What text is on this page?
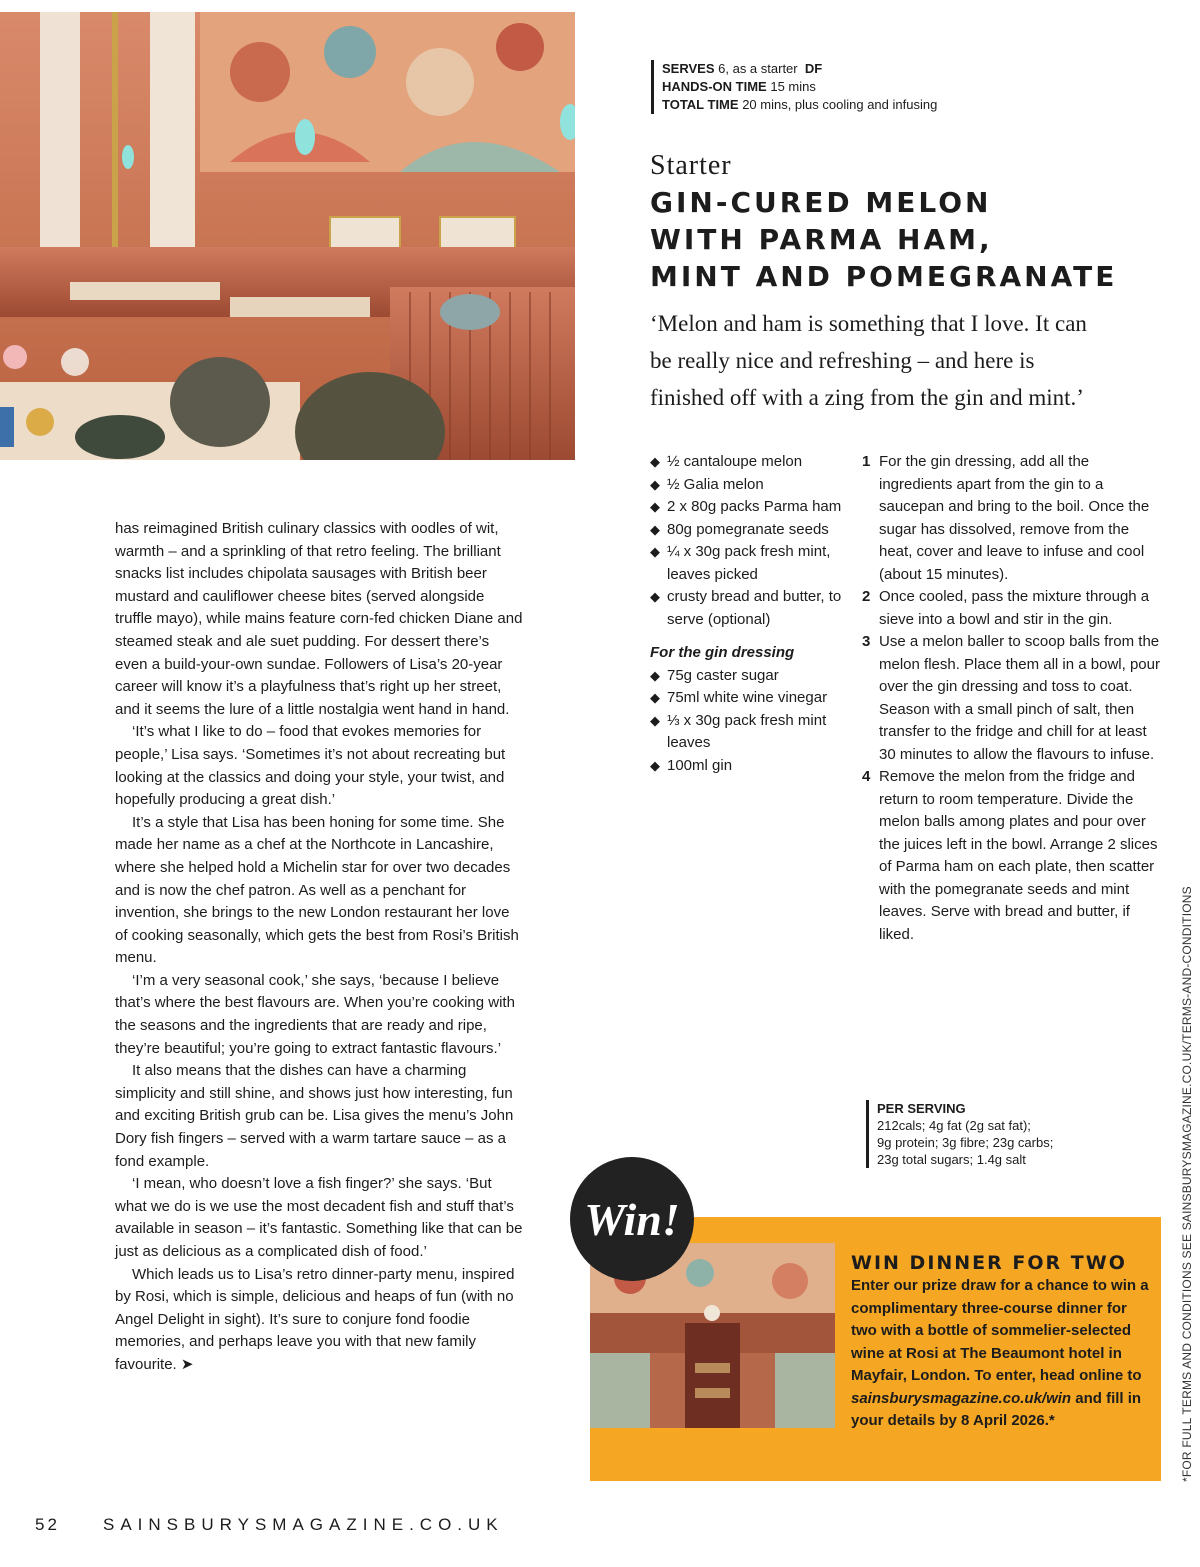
SERVES 6, as a starter DF
HANDS-ON TIME 15 mins
TOTAL TIME 20 mins, plus cooling and infusing
Starter
GIN-CURED MELON
WITH PARMA HAM,
MINT AND POMEGRANATE
‘Melon and ham is something that I love. It can
be really nice and refreshing – and here is
finished off with a zing from the gin and mint.’
◆ ½ cantaloupe melon
◆ ½ Galia melon
◆ 2 x 80g packs Parma ham
◆ 80g pomegranate seeds
◆ ¼ x 30g pack fresh mint, leaves picked
◆ crusty bread and butter, to serve (optional)
For the gin dressing
◆ 75g caster sugar
◆ 75ml white wine vinegar
◆ ⅓ x 30g pack fresh mint leaves
◆ 100ml gin
1 For the gin dressing, add all the ingredients apart from the gin to a saucepan and bring to the boil. Once the sugar has dissolved, remove from the heat, cover and leave to infuse and cool (about 15 minutes).
2 Once cooled, pass the mixture through a sieve into a bowl and stir in the gin.
3 Use a melon baller to scoop balls from the melon flesh. Place them all in a bowl, pour over the gin dressing and toss to coat. Season with a small pinch of salt, then transfer to the fridge and chill for at least 30 minutes to allow the flavours to infuse.
4 Remove the melon from the fridge and return to room temperature. Divide the melon balls among plates and pour over the juices left in the bowl. Arrange 2 slices of Parma ham on each plate, then scatter with the pomegranate seeds and mint leaves. Serve with bread and butter, if liked.
PER SERVING
212cals; 4g fat (2g sat fat);
9g protein; 3g fibre; 23g carbs;
23g total sugars; 1.4g salt

has reimagined British culinary classics with oodles of wit, warmth – and a sprinkling of that retro feeling. The brilliant snacks list includes chipolata sausages with British beer mustard and cauliflower cheese bites (served alongside truffle mayo), while mains feature corn-fed chicken Diane and steamed steak and ale suet pudding. For dessert there’s even a build-your-own sundae. Followers of Lisa’s 20-year career will know it’s a playfulness that’s right up her street, and it seems the lure of a little nostalgia went hand in hand.

‘It’s what I like to do – food that evokes memories for people,’ Lisa says. ‘Sometimes it’s not about recreating but looking at the classics and doing your style, your twist, and hopefully producing a great dish.’

It’s a style that Lisa has been honing for some time. She made her name as a chef at the Northcote in Lancashire, where she helped hold a Michelin star for over two decades and is now the chef patron. As well as a penchant for invention, she brings to the new London restaurant her love of cooking seasonally, which gets the best from Rosi’s British menu.

‘I’m a very seasonal cook,’ she says, ‘because I believe that’s where the best flavours are. When you’re cooking with the seasons and the ingredients that are ready and ripe, they’re beautiful; you’re going to extract fantastic flavours.’

It also means that the dishes can have a charming simplicity and still shine, and shows just how interesting, fun and exciting British grub can be. Lisa gives the menu’s John Dory fish fingers – served with a warm tartare sauce – as a fond example.

‘I mean, who doesn’t love a fish finger?’ she says. ‘But what we do is we use the most decadent fish and stuff that’s available in season – it’s fantastic. Something like that can be just as delicious as a complicated dish of food.’

Which leads us to Lisa’s retro dinner-party menu, inspired by Rosi, which is simple, delicious and heaps of fun (with no Angel Delight in sight). It’s sure to conjure fond foodie memories, and perhaps leave you with that new family favourite. ➤

Win!
WIN DINNER FOR TWO
Enter our prize draw for a chance to win a complimentary three-course dinner for two with a bottle of sommelier-selected wine at Rosi at The Beaumont hotel in Mayfair, London. To enter, head online to sainsburysmagazine.co.uk/win and fill in your details by 8 April 2026.*	*FOR FULL TERMS AND CONDITIONS SEE SAINSBURYSMAGAZINE.CO.UK/TERMS-AND-CONDITIONS
52	SAINSBURYSMAGAZINE.CO.UK
